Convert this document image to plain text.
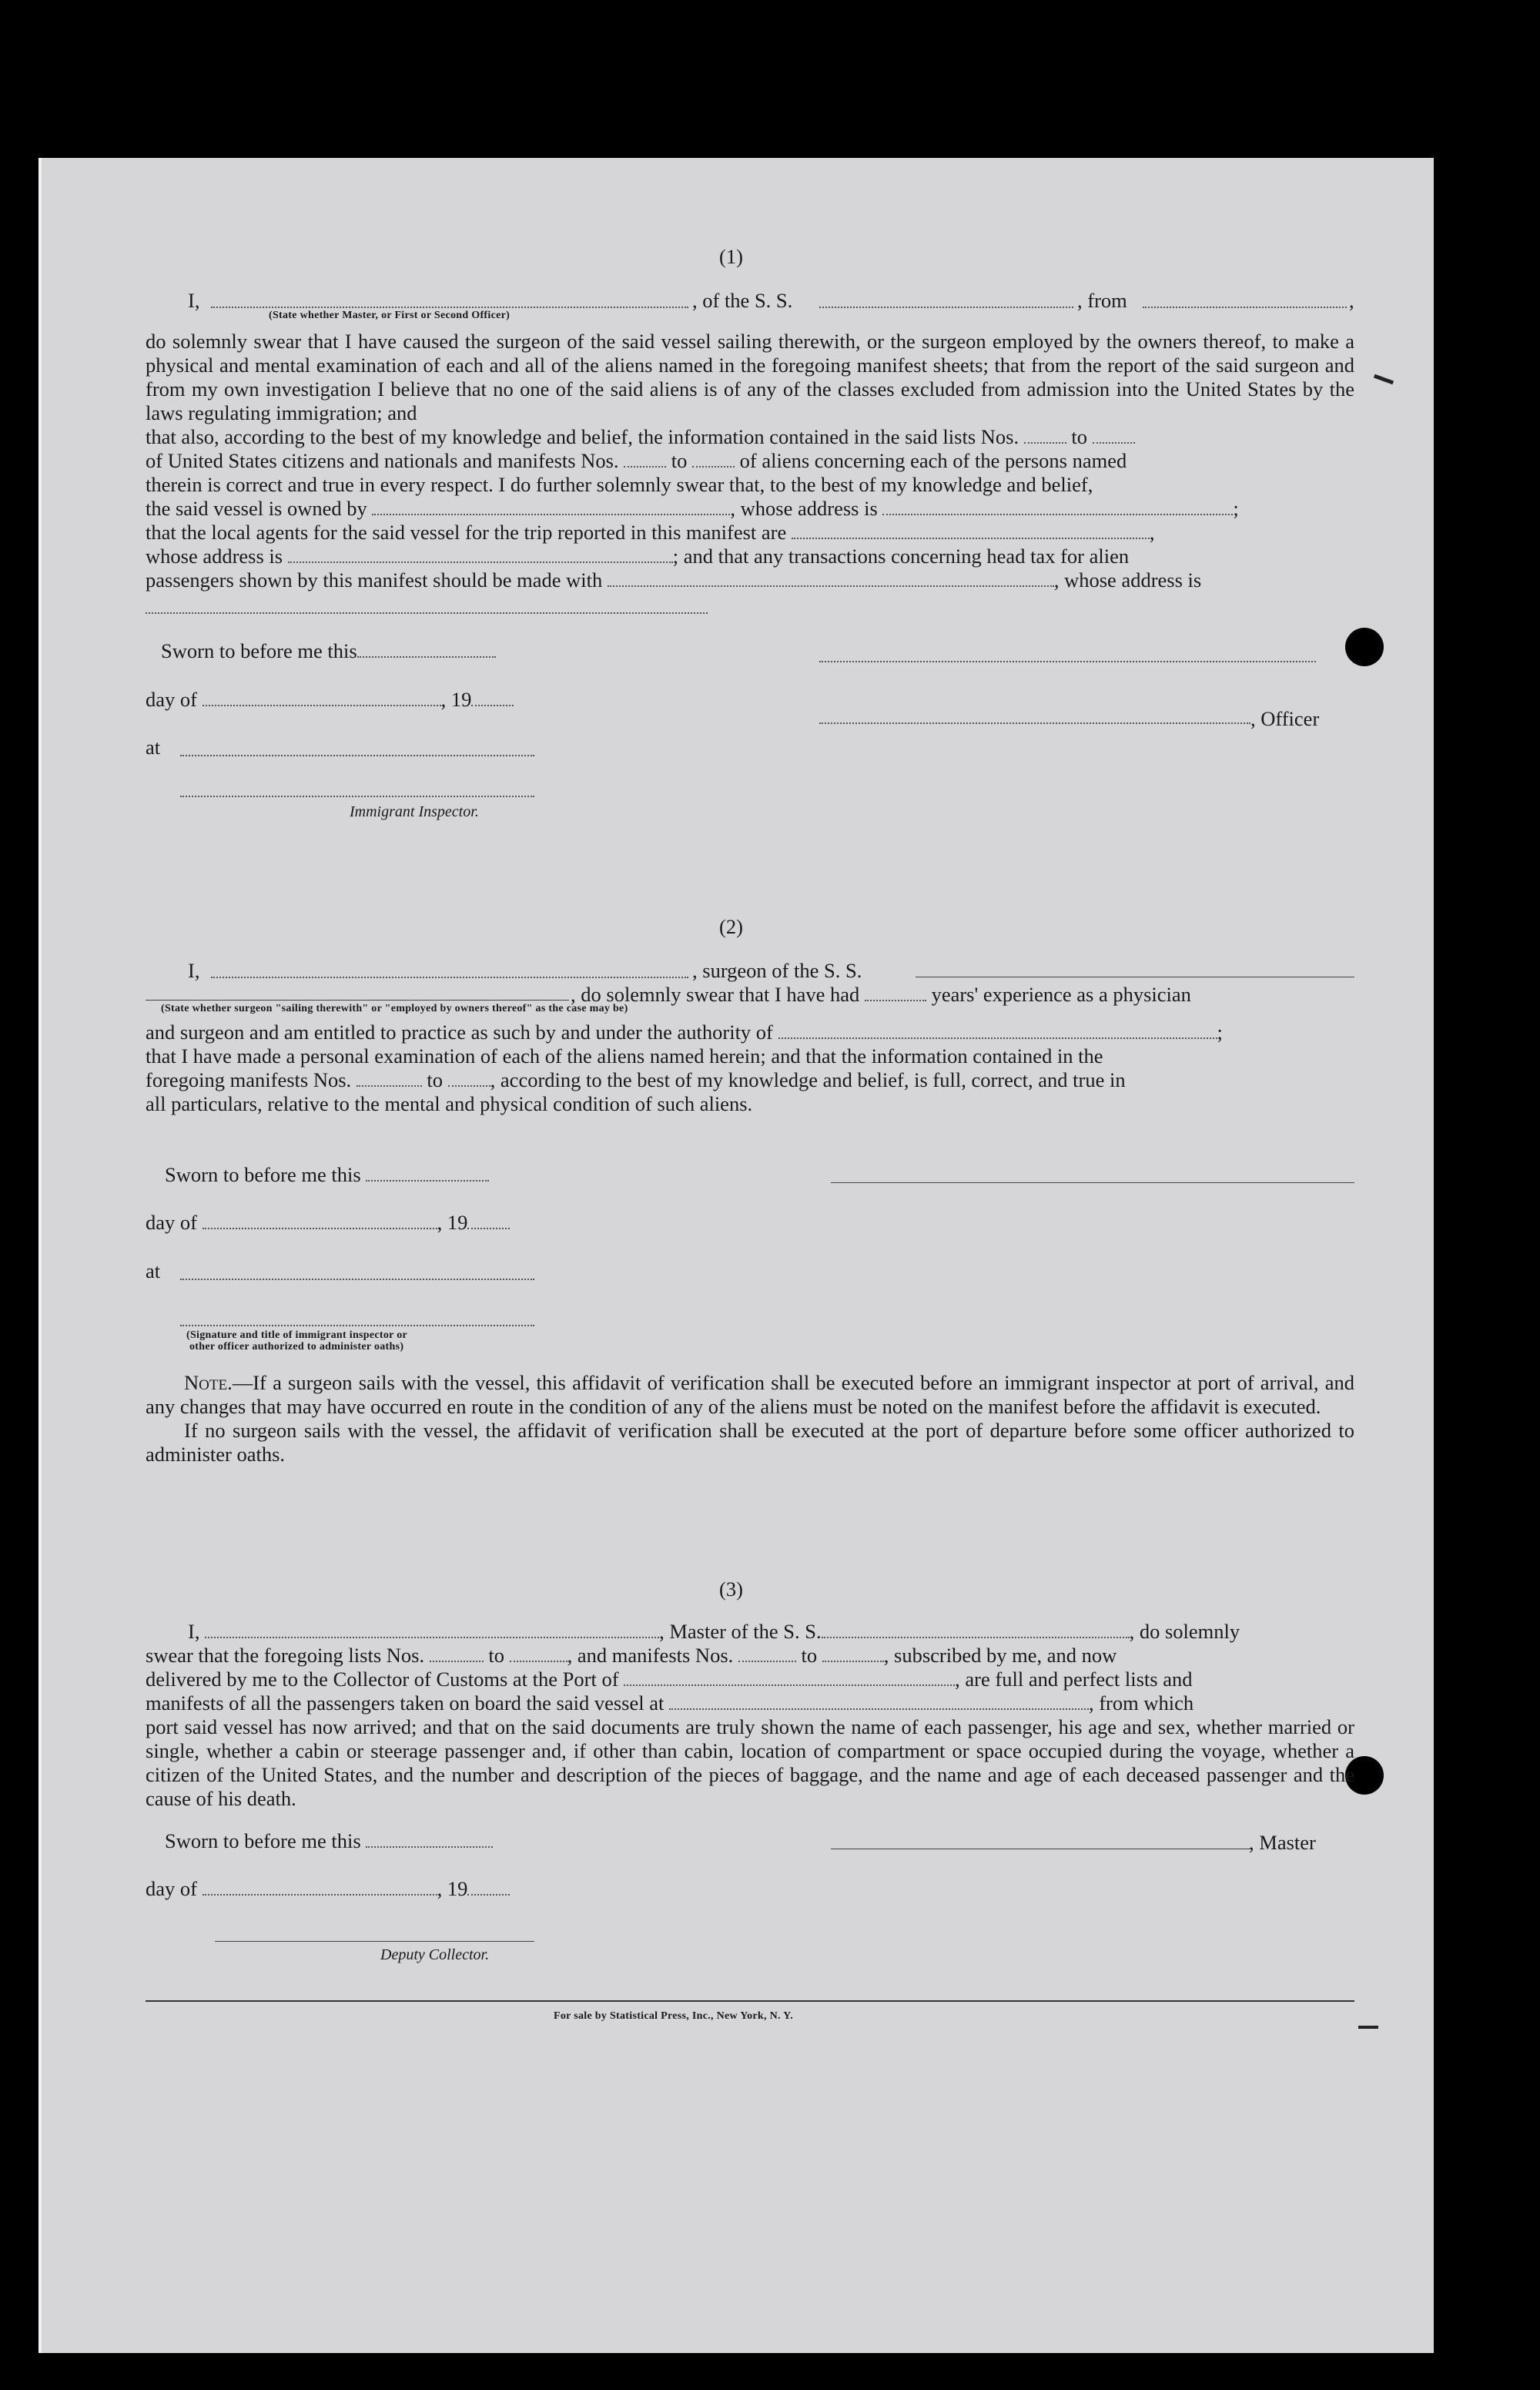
(1)
I,	, of the S. S.	, from	,
(State whether Master, or First or Second Officer)

do solemnly swear that I have caused the surgeon of the said vessel sailing therewith, or the surgeon employed by the owners thereof, to make a physical and mental examination of each and all of the aliens named in the foregoing manifest sheets; that from the report of the said surgeon and from my own investigation I believe that no one of the said aliens is of any of the classes excluded from admission into the United States by the laws regulating immigration; and

that also, according to the best of my knowledge and belief, the information contained in the said lists Nos.	to
of United States citizens and nationals and manifests Nos.	to	of aliens concerning each of the persons named
therein is correct and true in every respect. I do further solemnly swear that, to the best of my knowledge and belief,
the said vessel is owned by	, whose address is	;
that the local agents for the said vessel for the trip reported in this manifest are	,
whose address is	; and that any transactions concerning head tax for alien
passengers shown by this manifest should be made with	, whose address is
Sworn to before me this
day of	, 19
, Officer
at
Immigrant Inspector.
(2)
I,	, surgeon of the S. S.
, do solemnly swear that I have had	years' experience as a physician
(State whether surgeon "sailing therewith" or "employed by owners thereof" as the case may be)
and surgeon and am entitled to practice as such by and under the authority of	;
that I have made a personal examination of each of the aliens named herein; and that the information contained in the
foregoing manifests Nos.	to , according to the best of my knowledge and belief, is full, correct, and true in
all particulars, relative to the mental and physical condition of such aliens.
Sworn to before me this
day of	, 19
at
(Signature and title of immigrant inspector or
other officer authorized to administer oaths)

Note.—If a surgeon sails with the vessel, this affidavit of verification shall be executed before an immigrant inspector at port of arrival, and any changes that may have occurred en route in the condition of any of the aliens must be noted on the manifest before the affidavit is executed.

If no surgeon sails with the vessel, the affidavit of verification shall be executed at the port of departure before some officer authorized to administer oaths.

(3)
I,	, Master of the S. S.	, do solemnly
swear that the foregoing lists Nos.	to	, and manifests Nos.	to	, subscribed by me, and now
delivered by me to the Collector of Customs at the Port of	, are full and perfect lists and
manifests of all the passengers taken on board the said vessel at	, from which

port said vessel has now arrived; and that on the said documents are truly shown the name of each passenger, his age and sex, whether married or single, whether a cabin or steerage passenger and, if other than cabin, location of compartment or space occupied during the voyage, whether a citizen of the United States, and the number and description of the pieces of baggage, and the name and age of each deceased passenger and the cause of his death.

Sworn to before me this	, Master
day of	, 19
Deputy Collector.
For sale by Statistical Press, Inc., New York, N. Y.
